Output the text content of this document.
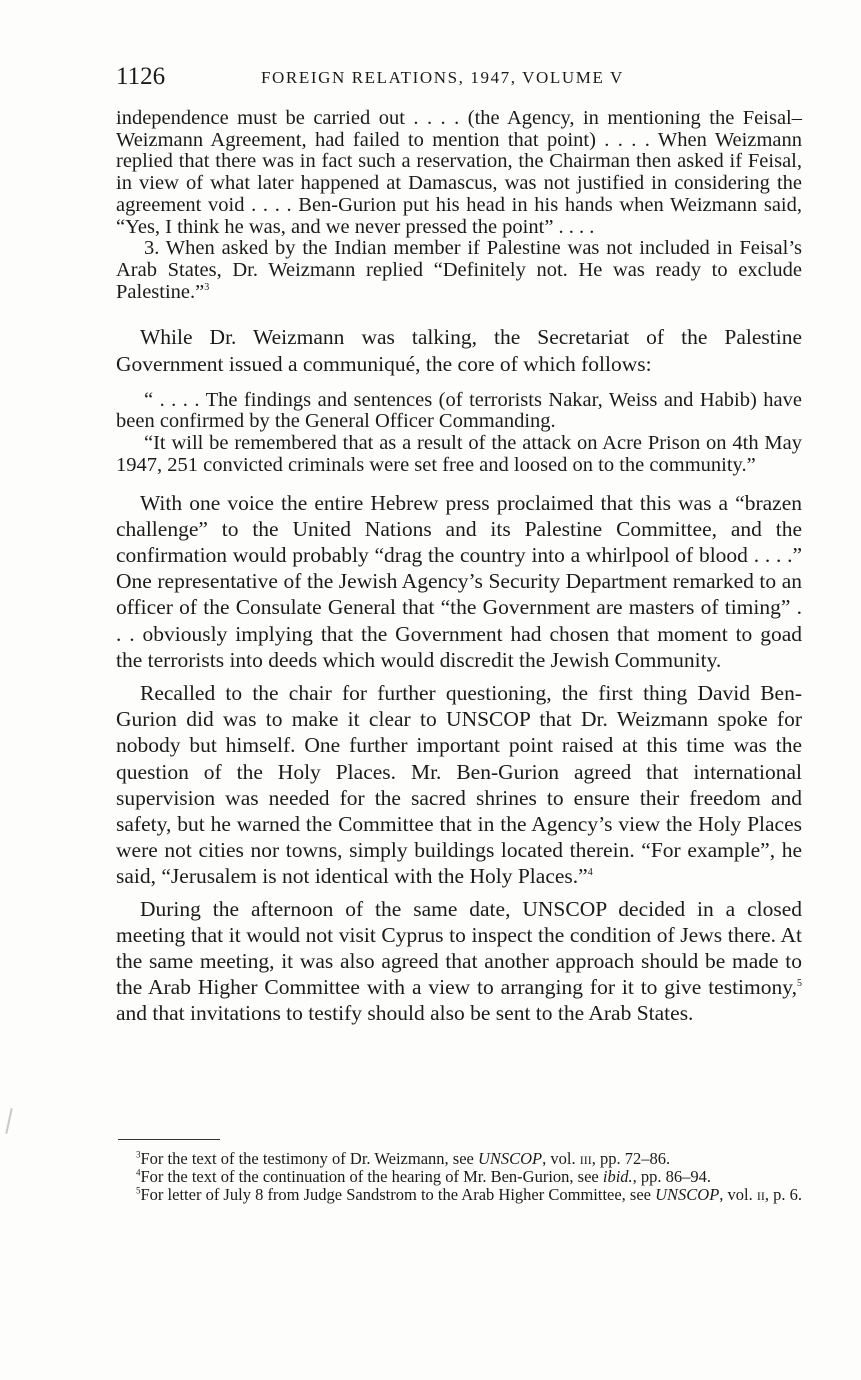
1126	FOREIGN RELATIONS, 1947, VOLUME V

independence must be carried out . . . . (the Agency, in mentioning the Feisal–Weizmann Agreement, had failed to mention that point) . . . . When Weizmann replied that there was in fact such a reservation, the Chairman then asked if Feisal, in view of what later happened at Damascus, was not justified in considering the agreement void . . . . Ben-Gurion put his head in his hands when Weizmann said, “Yes, I think he was, and we never pressed the point” . . . .

3. When asked by the Indian member if Palestine was not included in Feisal’s Arab States, Dr. Weizmann replied “Definitely not. He was ready to exclude Palestine.”$^3$

While Dr. Weizmann was talking, the Secretariat of the Palestine Government issued a communiqué, the core of which follows:

“ . . . . The findings and sentences (of terrorists Nakar, Weiss and Habib) have been confirmed by the General Officer Commanding.

“It will be remembered that as a result of the attack on Acre Prison on 4th May 1947, 251 convicted criminals were set free and loosed on to the community.”

With one voice the entire Hebrew press proclaimed that this was a “brazen challenge” to the United Nations and its Palestine Committee, and the confirmation would probably “drag the country into a whirlpool of blood . . . .” One representative of the Jewish Agency’s Security Department remarked to an officer of the Consulate General that “the Government are masters of timing” . . . obviously implying that the Government had chosen that moment to goad the terrorists into deeds which would discredit the Jewish Community.

Recalled to the chair for further questioning, the first thing David Ben-Gurion did was to make it clear to UNSCOP that Dr. Weizmann spoke for nobody but himself. One further important point raised at this time was the question of the Holy Places. Mr. Ben-Gurion agreed that international supervision was needed for the sacred shrines to ensure their freedom and safety, but he warned the Committee that in the Agency’s view the Holy Places were not cities nor towns, simply buildings located therein. “For example”, he said, “Jerusalem is not identical with the Holy Places.”$^4$

During the afternoon of the same date, UNSCOP decided in a closed meeting that it would not visit Cyprus to inspect the condition of Jews there. At the same meeting, it was also agreed that another approach should be made to the Arab Higher Committee with a view to arranging for it to give testimony,$^5$ and that invitations to testify should also be sent to the Arab States.

$^3$For the text of the testimony of Dr. Weizmann, see UNSCOP, vol. iii, pp. 72–86.

$^4$For the text of the continuation of the hearing of Mr. Ben-Gurion, see ibid., pp. 86–94.

$^5$For letter of July 8 from Judge Sandstrom to the Arab Higher Committee, see UNSCOP, vol. ii, p. 6.
